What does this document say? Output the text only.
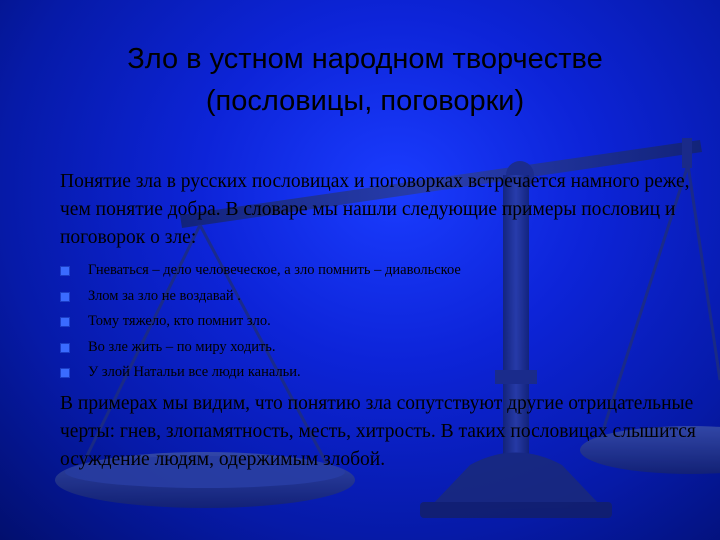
Зло в устном народном творчестве
(пословицы, поговорки)
Понятие зла в русских пословицах и поговорках встречается намного реже, чем понятие добра. В словаре мы нашли следующие примеры пословиц и поговорок о зле:
Гневаться – дело человеческое, а зло помнить – диавольское
Злом за зло не воздавай .
Тому тяжело, кто помнит зло.
Во зле жить – по миру ходить.
У злой Натальи все люди канальи.
В примерах мы видим, что понятию зла сопутствуют другие отрицательные черты: гнев, злопамятность, месть, хитрость. В таких пословицах слышится осуждение людям, одержимым злобой.
